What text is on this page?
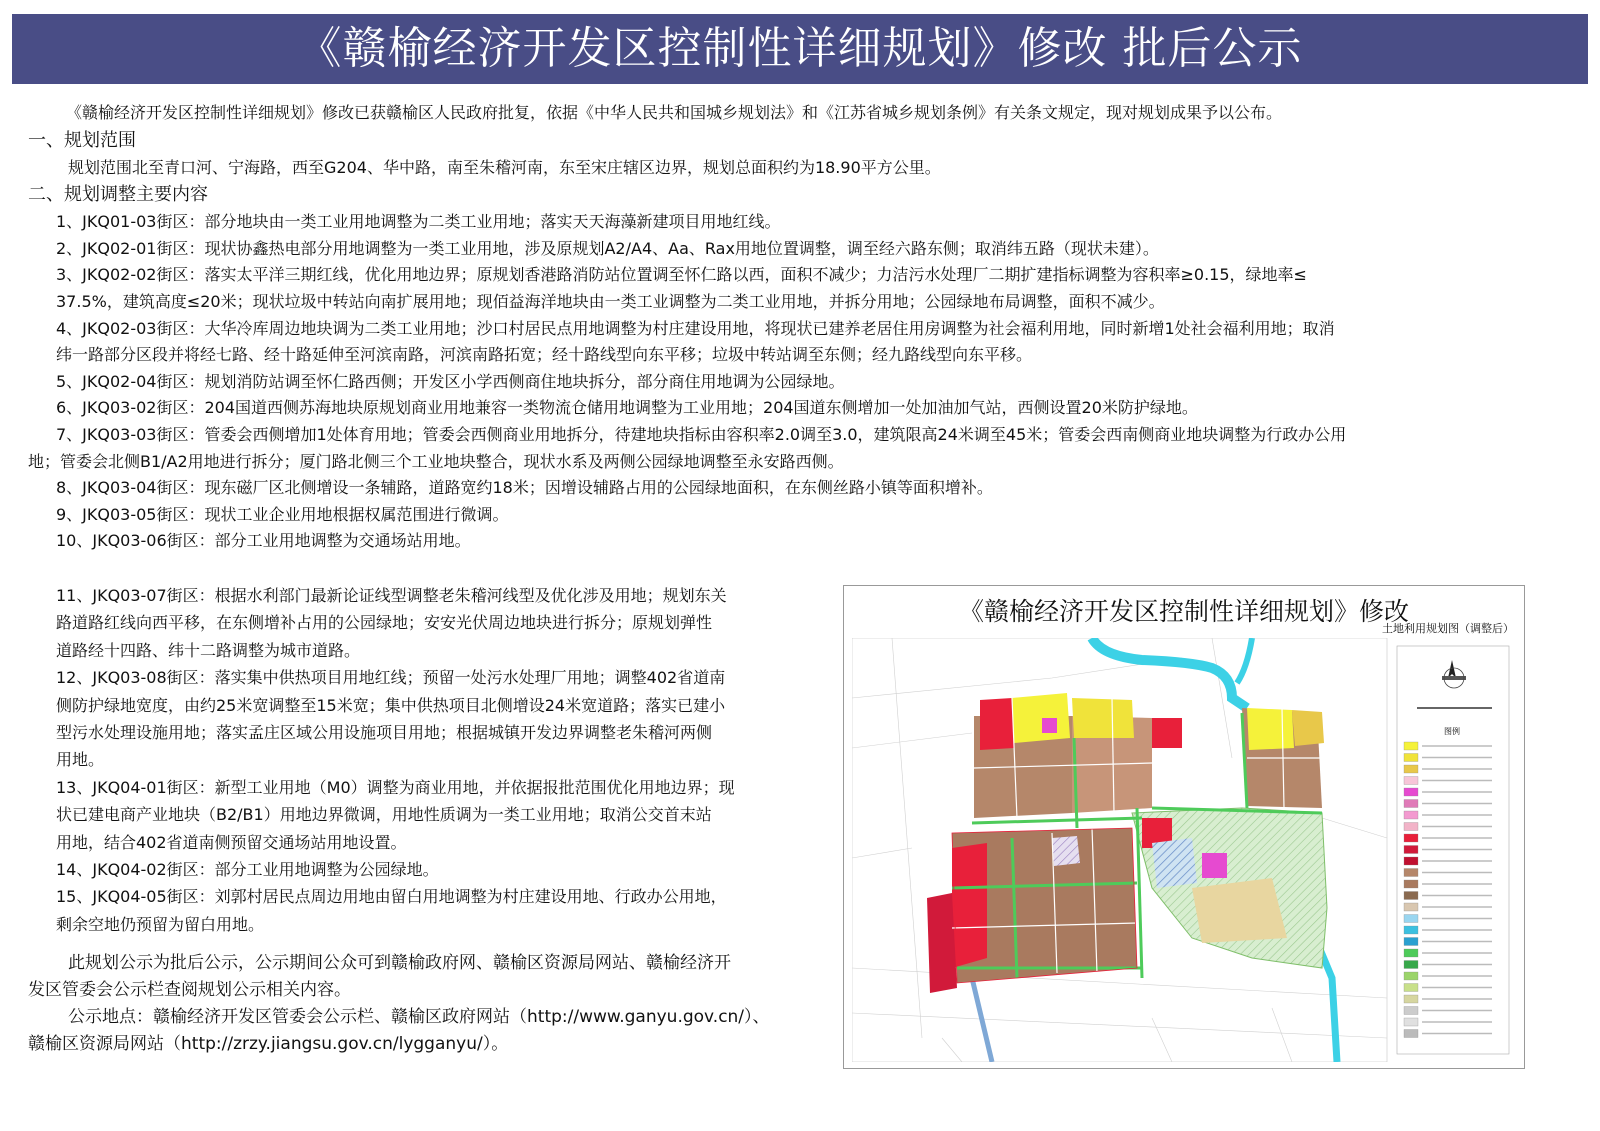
《赣榆经济开发区控制性详细规划》修改 批后公示

《赣榆经济开发区控制性详细规划》修改已获赣榆区人民政府批复，依据《中华人民共和国城乡规划法》和《江苏省城乡规划条例》有关条文规定，现对规划成果予以公布。

一、规划范围

规划范围北至青口河、宁海路，西至G204、华中路，南至朱稽河南，东至宋庄辖区边界，规划总面积约为18.90平方公里。

二、规划调整主要内容

1、JKQ01-03街区：部分地块由一类工业用地调整为二类工业用地；落实天天海藻新建项目用地红线。

2、JKQ02-01街区：现状协鑫热电部分用地调整为一类工业用地，涉及原规划A2/A4、Aa、Rax用地位置调整，调至经六路东侧；取消纬五路（现状未建）。

3、JKQ02-02街区：落实太平洋三期红线，优化用地边界；原规划香港路消防站位置调至怀仁路以西，面积不减少；力洁污水处理厂二期扩建指标调整为容积率≥0.15，绿地率≤

37.5%，建筑高度≤20米；现状垃圾中转站向南扩展用地；现佰益海洋地块由一类工业调整为二类工业用地，并拆分用地；公园绿地布局调整，面积不减少。

4、JKQ02-03街区：大华冷库周边地块调为二类工业用地；沙口村居民点用地调整为村庄建设用地，将现状已建养老居住用房调整为社会福利用地，同时新增1处社会福利用地；取消

纬一路部分区段并将经七路、经十路延伸至河滨南路，河滨南路拓宽；经十路线型向东平移；垃圾中转站调至东侧；经九路线型向东平移。

5、JKQ02-04街区：规划消防站调至怀仁路西侧；开发区小学西侧商住地块拆分，部分商住用地调为公园绿地。

6、JKQ03-02街区：204国道西侧苏海地块原规划商业用地兼容一类物流仓储用地调整为工业用地；204国道东侧增加一处加油加气站，西侧设置20米防护绿地。

7、JKQ03-03街区：管委会西侧增加1处体育用地；管委会西侧商业用地拆分，待建地块指标由容积率2.0调至3.0，建筑限高24米调至45米；管委会西南侧商业地块调整为行政办公用

地；管委会北侧B1/A2用地进行拆分；厦门路北侧三个工业地块整合，现状水系及两侧公园绿地调整至永安路西侧。

8、JKQ03-04街区：现东磁厂区北侧增设一条辅路，道路宽约18米；因增设辅路占用的公园绿地面积，在东侧丝路小镇等面积增补。

9、JKQ03-05街区：现状工业企业用地根据权属范围进行微调。

10、JKQ03-06街区：部分工业用地调整为交通场站用地。

11、JKQ03-07街区：根据水利部门最新论证线型调整老朱稽河线型及优化涉及用地；规划东关

路道路红线向西平移，在东侧增补占用的公园绿地；安安光伏周边地块进行拆分；原规划弹性

道路经十四路、纬十二路调整为城市道路。

12、JKQ03-08街区：落实集中供热项目用地红线；预留一处污水处理厂用地；调整402省道南

侧防护绿地宽度，由约25米宽调整至15米宽；集中供热项目北侧增设24米宽道路；落实已建小

型污水处理设施用地；落实孟庄区域公用设施项目用地；根据城镇开发边界调整老朱稽河两侧

用地。

13、JKQ04-01街区：新型工业用地（M0）调整为商业用地，并依据报批范围优化用地边界；现

状已建电商产业地块（B2/B1）用地边界微调，用地性质调为一类工业用地；取消公交首末站

用地，结合402省道南侧预留交通场站用地设置。

14、JKQ04-02街区：部分工业用地调整为公园绿地。

15、JKQ04-05街区：刘郭村居民点周边用地由留白用地调整为村庄建设用地、行政办公用地，

剩余空地仍预留为留白用地。

此规划公示为批后公示，公示期间公众可到赣榆政府网、赣榆区资源局网站、赣榆经济开

发区管委会公示栏查阅规划公示相关内容。

公示地点：赣榆经济开发区管委会公示栏、赣榆区政府网站（http://www.ganyu.gov.cn/）、

赣榆区资源局网站（http://zrzy.jiangsu.gov.cn/lygganyu/）。

《赣榆经济开发区控制性详细规划》修改
土地利用规划图（调整后）
图例
